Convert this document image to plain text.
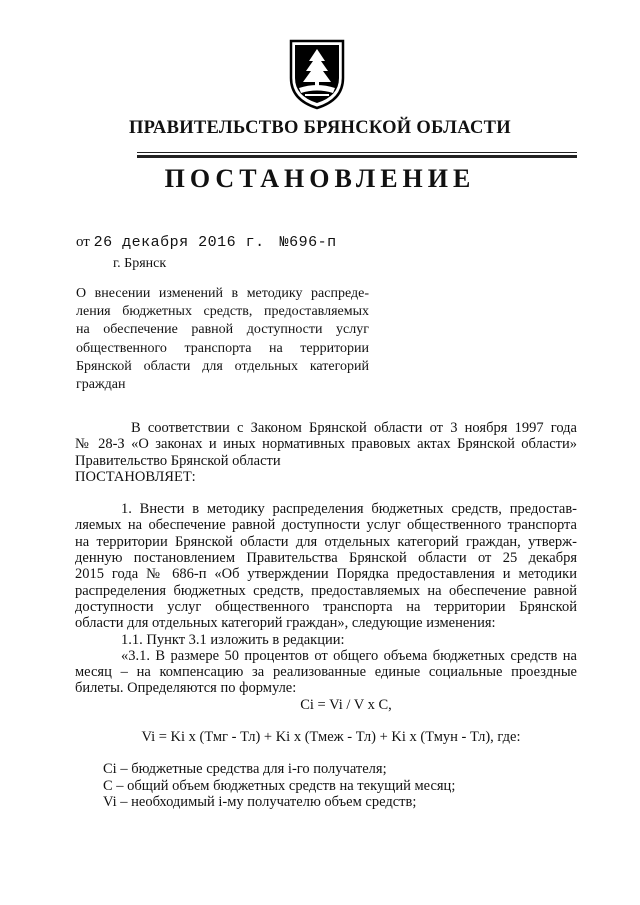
ПРАВИТЕЛЬСТВО БРЯНСКОЙ ОБЛАСТИ
ПОСТАНОВЛЕНИЕ
от 26 декабря 2016 г. №696-п
г. Брянск
О внесении изменений в методику распреде-
ления бюджетных средств, предоставляемых
на обеспечение равной доступности услуг
общественного транспорта на территории
Брянской области для отдельных категорий
граждан
В соответствии с Законом Брянской области от 3 ноября 1997 года
№ 28-З «О законах и иных нормативных правовых актах Брянской области»
Правительство Брянской области
ПОСТАНОВЛЯЕТ:
1. Внести в методику распределения бюджетных средств, предостав-
ляемых на обеспечение равной доступности услуг общественного транспорта
на территории Брянской области для отдельных категорий граждан, утверж-
денную постановлением Правительства Брянской области от 25 декабря
2015 года № 686-п «Об утверждении Порядка предоставления и методики
распределения бюджетных средств, предоставляемых на обеспечение равной
доступности услуг общественного транспорта на территории Брянской
области для отдельных категорий граждан», следующие изменения:
1.1. Пункт 3.1 изложить в редакции:
«3.1. В размере 50 процентов от общего объема бюджетных средств на
месяц – на компенсацию за реализованные единые социальные проездные
билеты. Определяются по формуле:
Ci = Vi / V x C,
Vi = Ki x (Тмг - Тл) + Ki x (Тмеж - Тл) + Ki x (Тмун - Тл), где:
Ci – бюджетные средства для i-го получателя;
С – общий объем бюджетных средств на текущий месяц;
Vi – необходимый i-му получателю объем средств;
